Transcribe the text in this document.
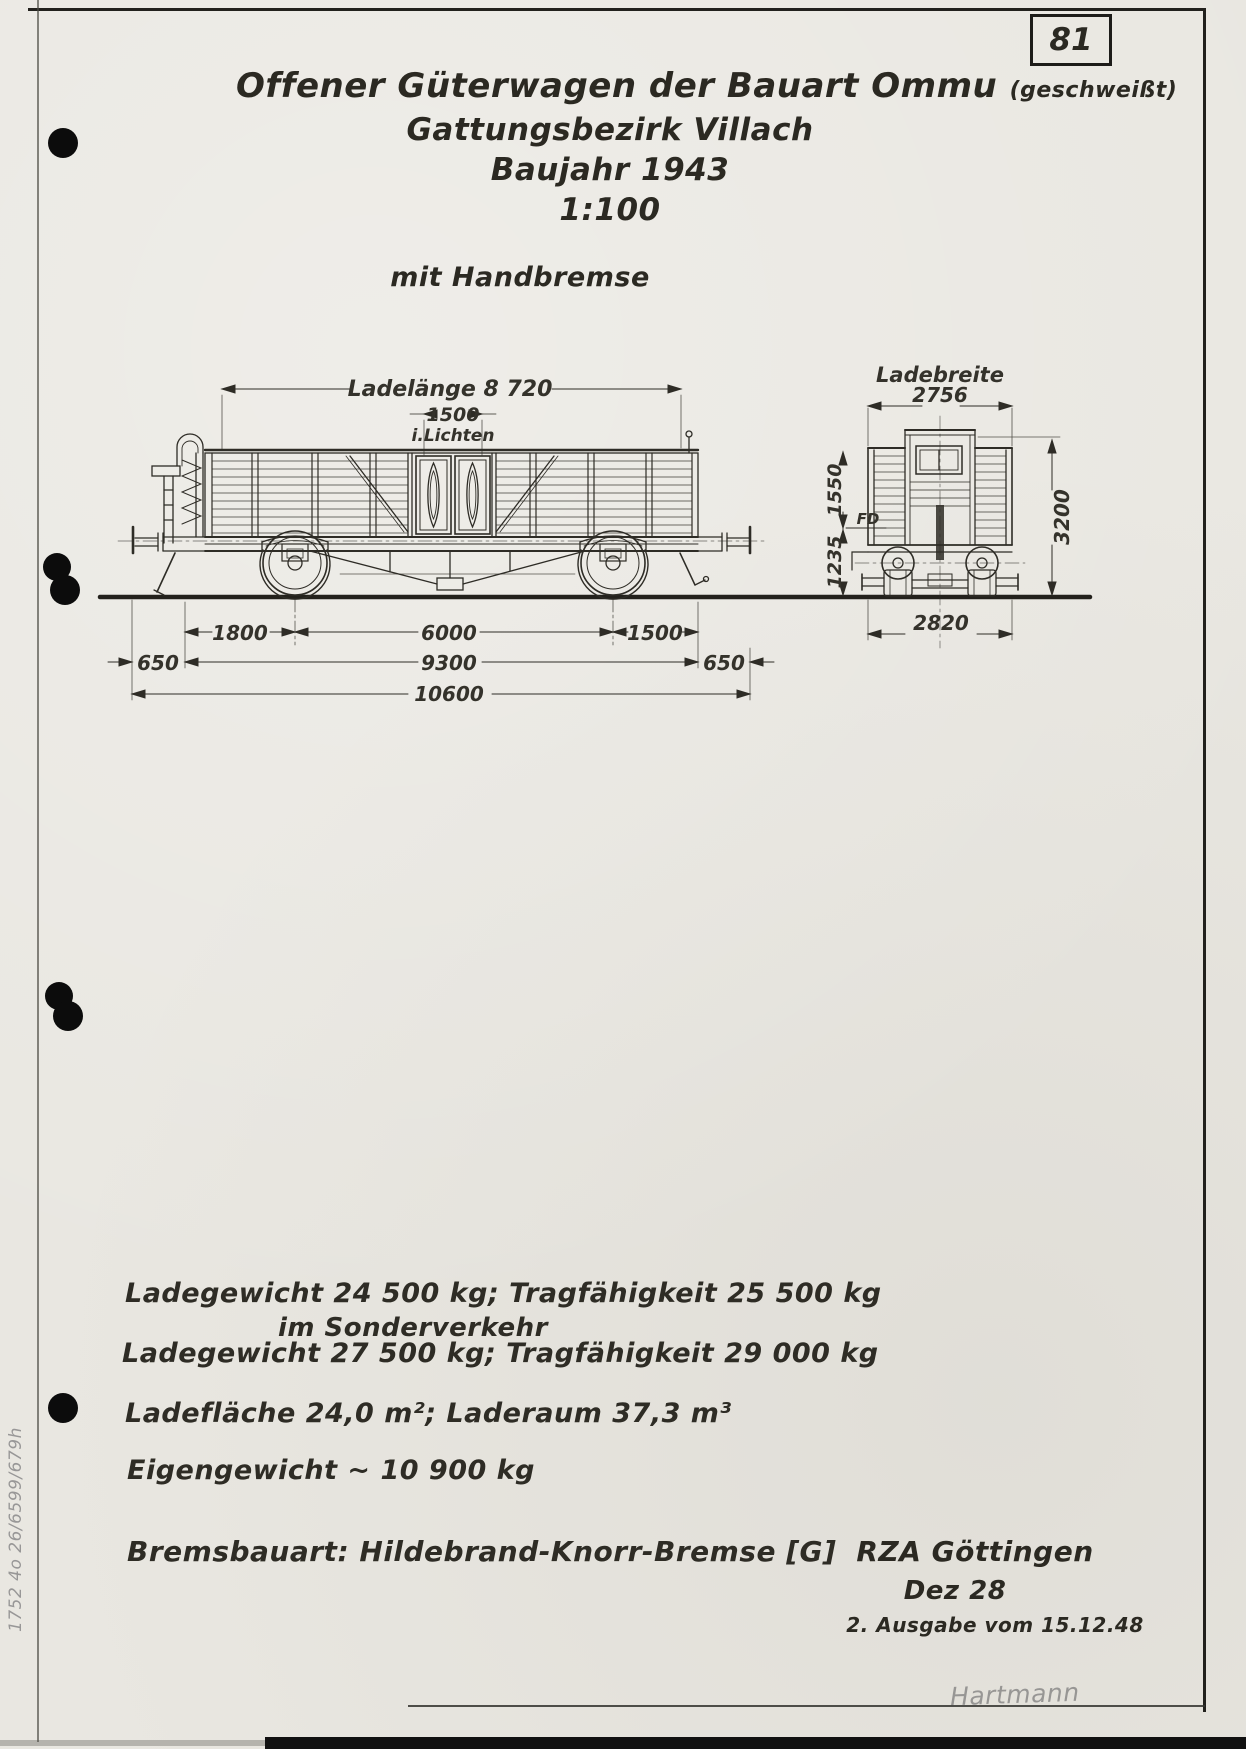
81
Offener Güterwagen der Bauart Ommu (geschweißt)
Gattungsbezirk Villach
Baujahr 1943
1:100
mit Handbremse
Ladelänge 8 720
1500
i.Lichten
1800	6000	1500
650	9300	650
10600
Ladebreite
2756
1550
FD
1235
3200
2820
Ladegewicht 24 500 kg; Tragfähigkeit 25 500 kg
im Sonderverkehr
Ladegewicht 27 500 kg; Tragfähigkeit 29 000 kg
Ladefläche 24,0 m²; Laderaum 37,3 m³
Eigengewicht ~ 10 900 kg
Bremsbauart: Hildebrand-Knorr-Bremse [G] RZA Göttingen
Dez 28
2. Ausgabe vom 15.12.48
Hartmann
1752 4o 26/6599/679h
